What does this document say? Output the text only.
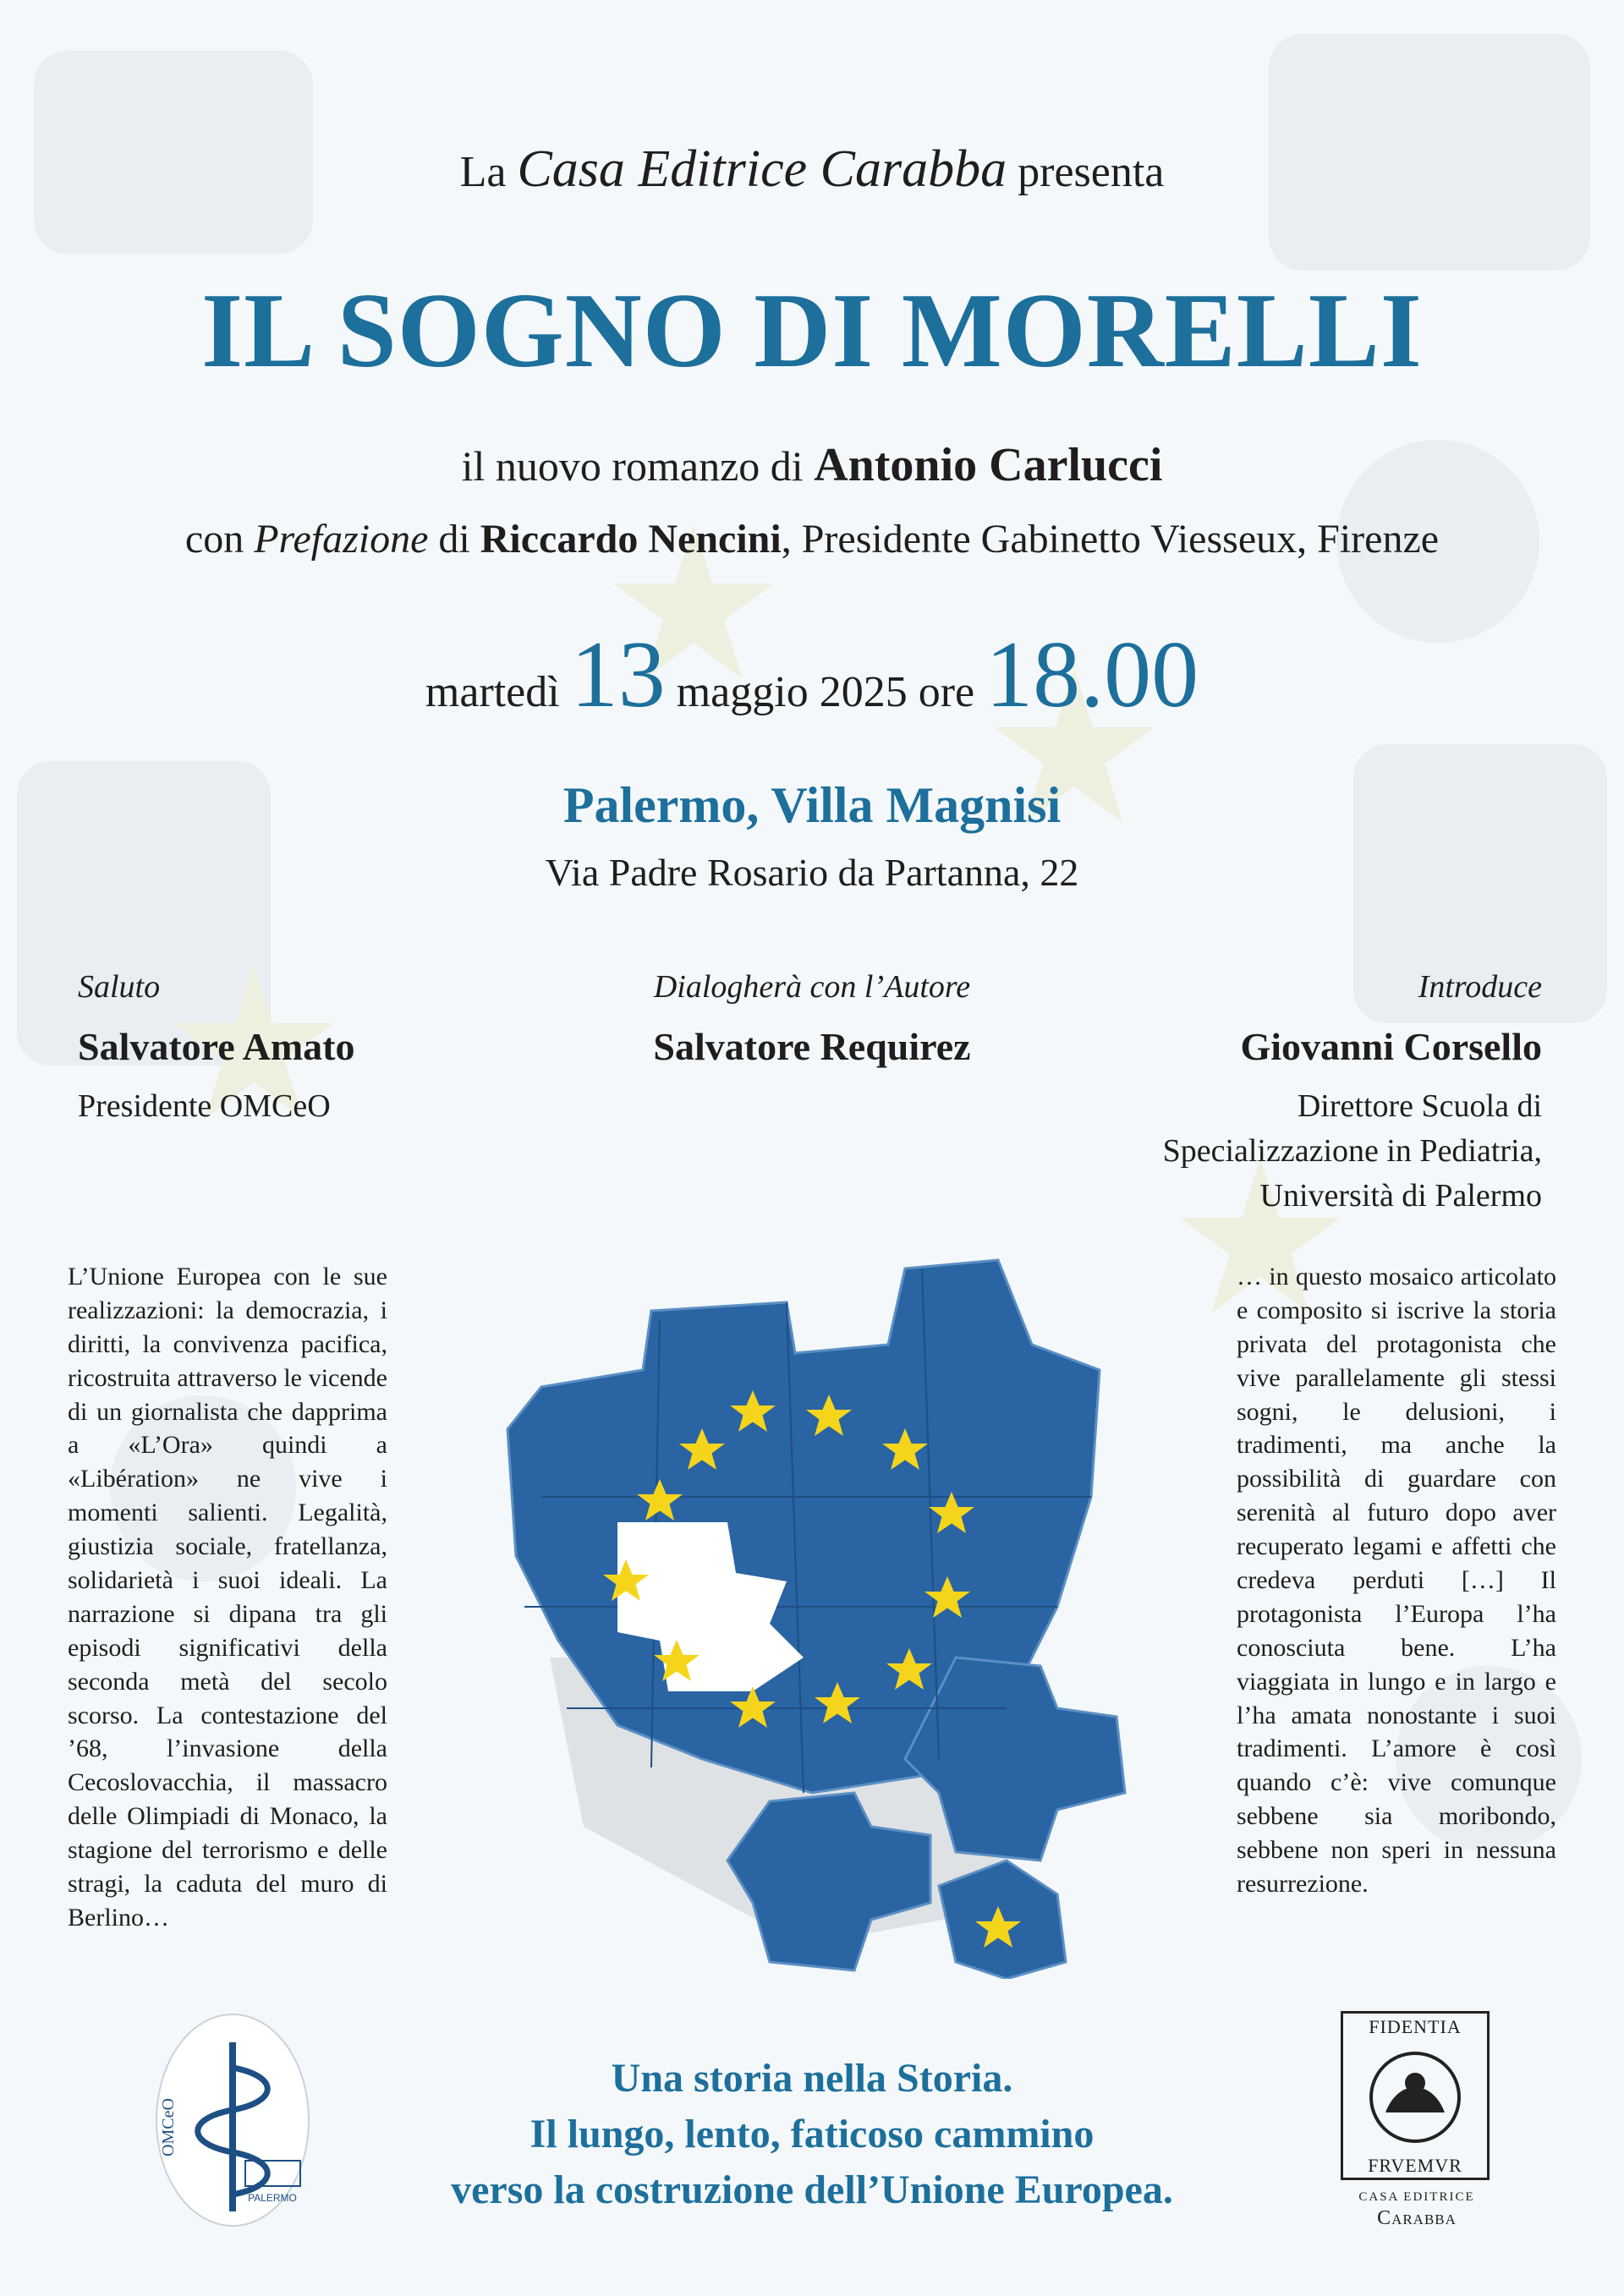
La Casa Editrice Carabba presenta
IL SOGNO DI MORELLI
il nuovo romanzo di Antonio Carlucci
con Prefazione di Riccardo Nencini, Presidente Gabinetto Viesseux, Firenze
martedì 13 maggio 2025 ore 18.00
Palermo, Villa Magnisi
Via Padre Rosario da Partanna, 22
Saluto
Salvatore Amato
Presidente OMCeO
Dialogherà con l’Autore
Salvatore Requirez
Introduce
Giovanni Corsello
Direttore Scuola di
Specializzazione in Pediatria,
Università di Palermo
L’Unione Europea con le sue realizzazioni: la democrazia, i diritti, la convivenza pacifica, ricostruita attraverso le vicende di un giornalista che dapprima a «L’Ora» quindi a «Libération» ne vive i momenti salienti. Legalità, giustizia sociale, fratellanza, solidarietà i suoi ideali. La narrazione si dipana tra gli episodi significativi della seconda metà del secolo scorso. La contestazione del ’68, l’invasione della Cecoslovacchia, il massacro delle Olimpiadi di Monaco, la stagione del terrorismo e delle stragi, la caduta del muro di Berlino…
… in questo mosaico articolato e composito si iscrive la storia privata del protagonista che vive parallelamente gli stessi sogni, le delusioni, i tradimenti, ma anche la possibilità di guardare con serenità al futuro dopo aver recuperato legami e affetti che credeva perduti […] Il protagonista l’Europa l’ha conosciuta bene. L’ha viaggiata in lungo e in largo e l’ha amata nonostante i suoi tradimenti. L’amore è così quando c’è: vive comunque sebbene sia moribondo, sebbene non speri in nessuna resurrezione.
Una storia nella Storia.
Il lungo, lento, faticoso cammino
verso la costruzione dell’Unione Europea.
OMCeO
PALERMO
FIDENTIA
FRVEMVR
CASA EDITRICE
Carabba
